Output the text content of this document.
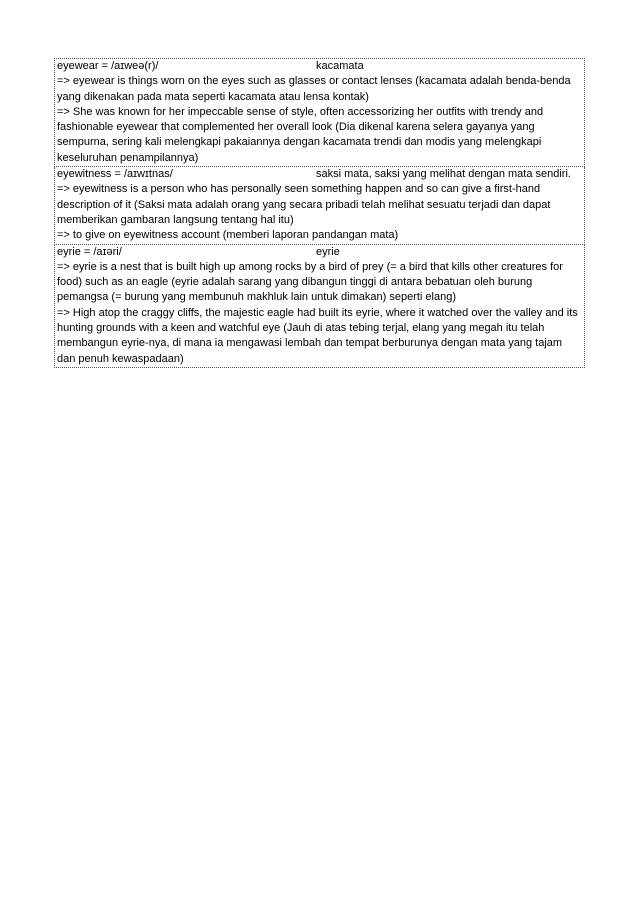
eyewear = /aɪweə(r)/	kacamata
=> eyewear is things worn on the eyes such as glasses or contact lenses (kacamata adalah benda-benda yang dikenakan pada mata seperti kacamata atau lensa kontak)
=> She was known for her impeccable sense of style, often accessorizing her outfits with trendy and fashionable eyewear that complemented her overall look (Dia dikenal karena selera gayanya yang sempurna, sering kali melengkapi pakaiannya dengan kacamata trendi dan modis yang melengkapi keseluruhan penampilannya)

eyewitness = /aɪwɪtnas/	saksi mata, saksi yang melihat dengan mata sendiri.
=> eyewitness is a person who has personally seen something happen and so can give a first-hand description of it (Saksi mata adalah orang yang secara pribadi telah melihat sesuatu terjadi dan dapat memberikan gambaran langsung tentang hal itu)
=> to give on eyewitness account (memberi laporan pandangan mata)

eyrie = /aɪəri/	eyrie
=> eyrie is a nest that is built high up among rocks by a bird of prey (= a bird that kills other creatures for food) such as an eagle (eyrie adalah sarang yang dibangun tinggi di antara bebatuan oleh burung pemangsa (= burung yang membunuh makhluk lain untuk dimakan) seperti elang)
=> High atop the craggy cliffs, the majestic eagle had built its eyrie, where it watched over the valley and its hunting grounds with a keen and watchful eye (Jauh di atas tebing terjal, elang yang megah itu telah membangun eyrie-nya, di mana ia mengawasi lembah dan tempat berburunya dengan mata yang tajam dan penuh kewaspadaan)
